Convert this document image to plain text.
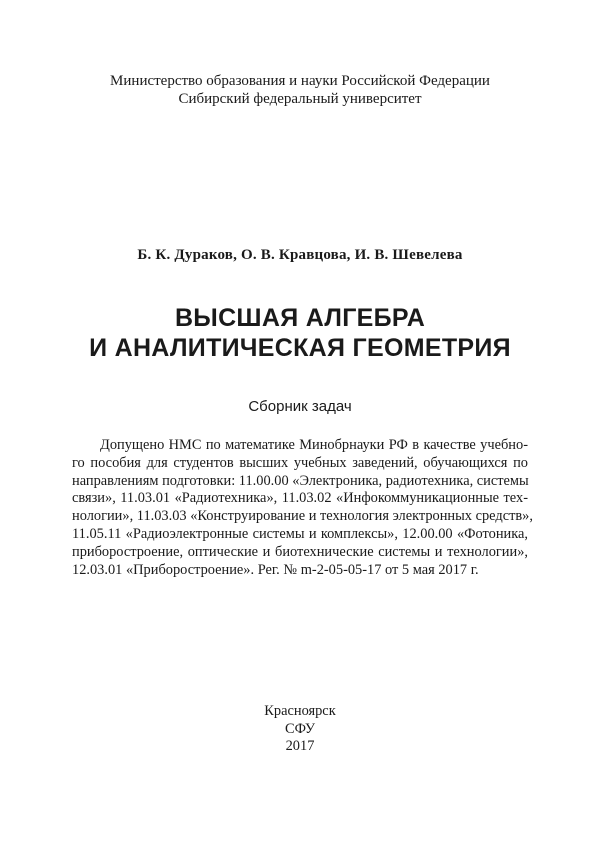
Министерство образования и науки Российской Федерации
Сибирский федеральный университет
Б. К. Дураков, О. В. Кравцова, И. В. Шевелева
ВЫСШАЯ АЛГЕБРА
И АНАЛИТИЧЕСКАЯ ГЕОМЕТРИЯ
Сборник задач
Допущено НМС по математике Минобрнауки РФ в качестве учебно-
го пособия для студентов высших учебных заведений, обучающихся по
направлениям подготовки: 11.00.00 «Электроника, радиотехника, системы
связи», 11.03.01 «Радиотехника», 11.03.02 «Инфокоммуникационные тех-
нологии», 11.03.03 «Конструирование и технология электронных средств»,
11.05.11 «Радиоэлектронные системы и комплексы», 12.00.00 «Фотоника,
приборостроение, оптические и биотехнические системы и технологии»,
12.03.01 «Приборостроение». Рег. № m-2-05-05-17 от 5 мая 2017 г.
Красноярск
СФУ
2017
